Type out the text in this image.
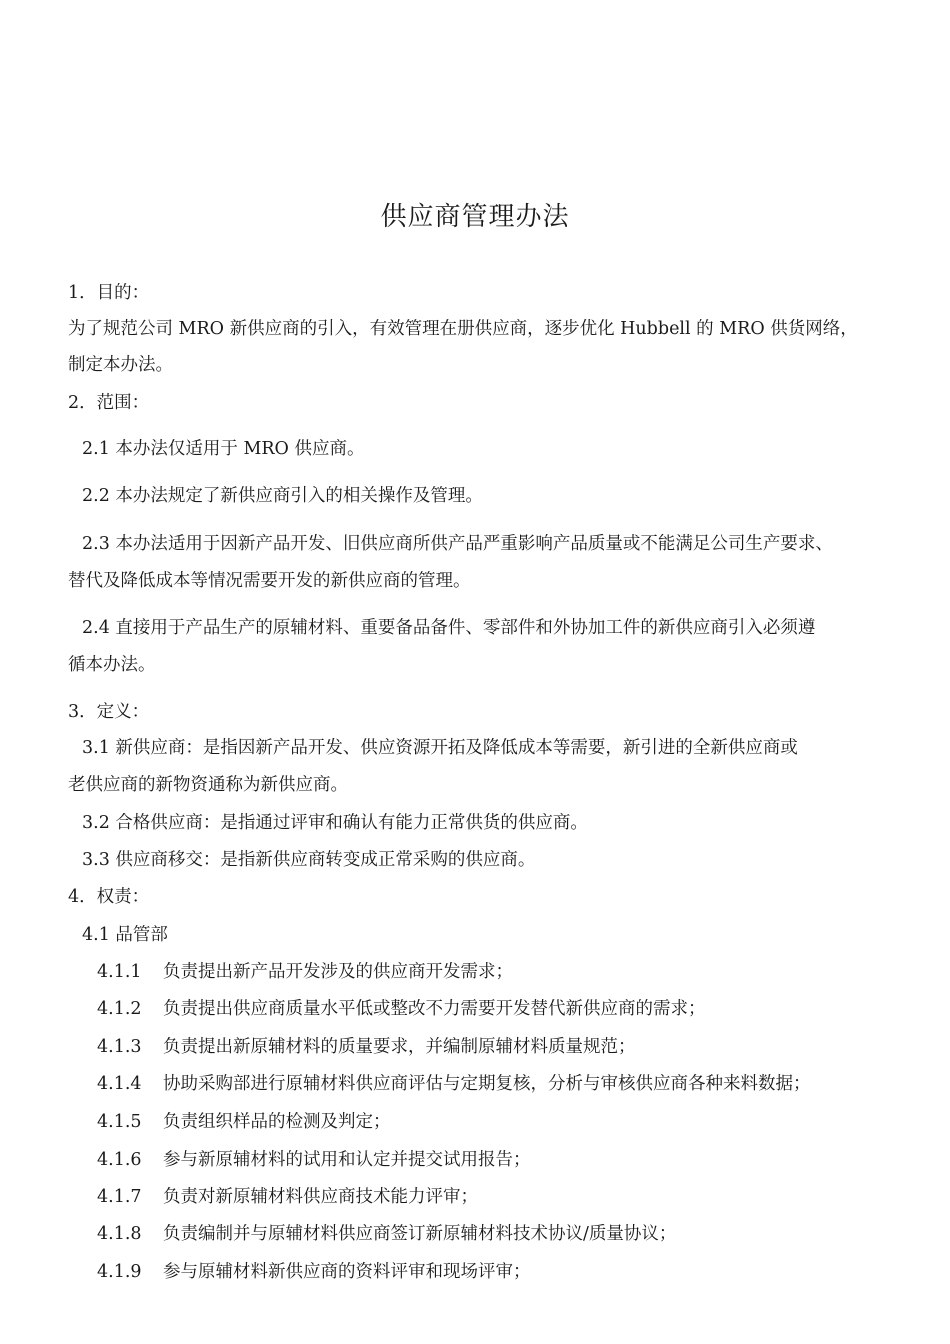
供应商管理办法
1．目的：
为了规范公司 MRO 新供应商的引入，有效管理在册供应商，逐步优化 Hubbell 的 MRO 供货网络，
制定本办法。
2．范围：
2.1 本办法仅适用于 MRO 供应商。
2.2 本办法规定了新供应商引入的相关操作及管理。
2.3 本办法适用于因新产品开发、旧供应商所供产品严重影响产品质量或不能满足公司生产要求、
替代及降低成本等情况需要开发的新供应商的管理。
2.4 直接用于产品生产的原辅材料、重要备品备件、零部件和外协加工件的新供应商引入必须遵
循本办法。
3．定义：
3.1 新供应商：是指因新产品开发、供应资源开拓及降低成本等需要，新引进的全新供应商或
老供应商的新物资通称为新供应商。
3.2 合格供应商：是指通过评审和确认有能力正常供货的供应商。
3.3 供应商移交：是指新供应商转变成正常采购的供应商。
4．权责：
4.1 品管部
4.1.1 负责提出新产品开发涉及的供应商开发需求；
4.1.2 负责提出供应商质量水平低或整改不力需要开发替代新供应商的需求；
4.1.3 负责提出新原辅材料的质量要求，并编制原辅材料质量规范；
4.1.4 协助采购部进行原辅材料供应商评估与定期复核，分析与审核供应商各种来料数据；
4.1.5 负责组织样品的检测及判定；
4.1.6 参与新原辅材料的试用和认定并提交试用报告；
4.1.7 负责对新原辅材料供应商技术能力评审；
4.1.8 负责编制并与原辅材料供应商签订新原辅材料技术协议/质量协议；
4.1.9 参与原辅材料新供应商的资料评审和现场评审；
